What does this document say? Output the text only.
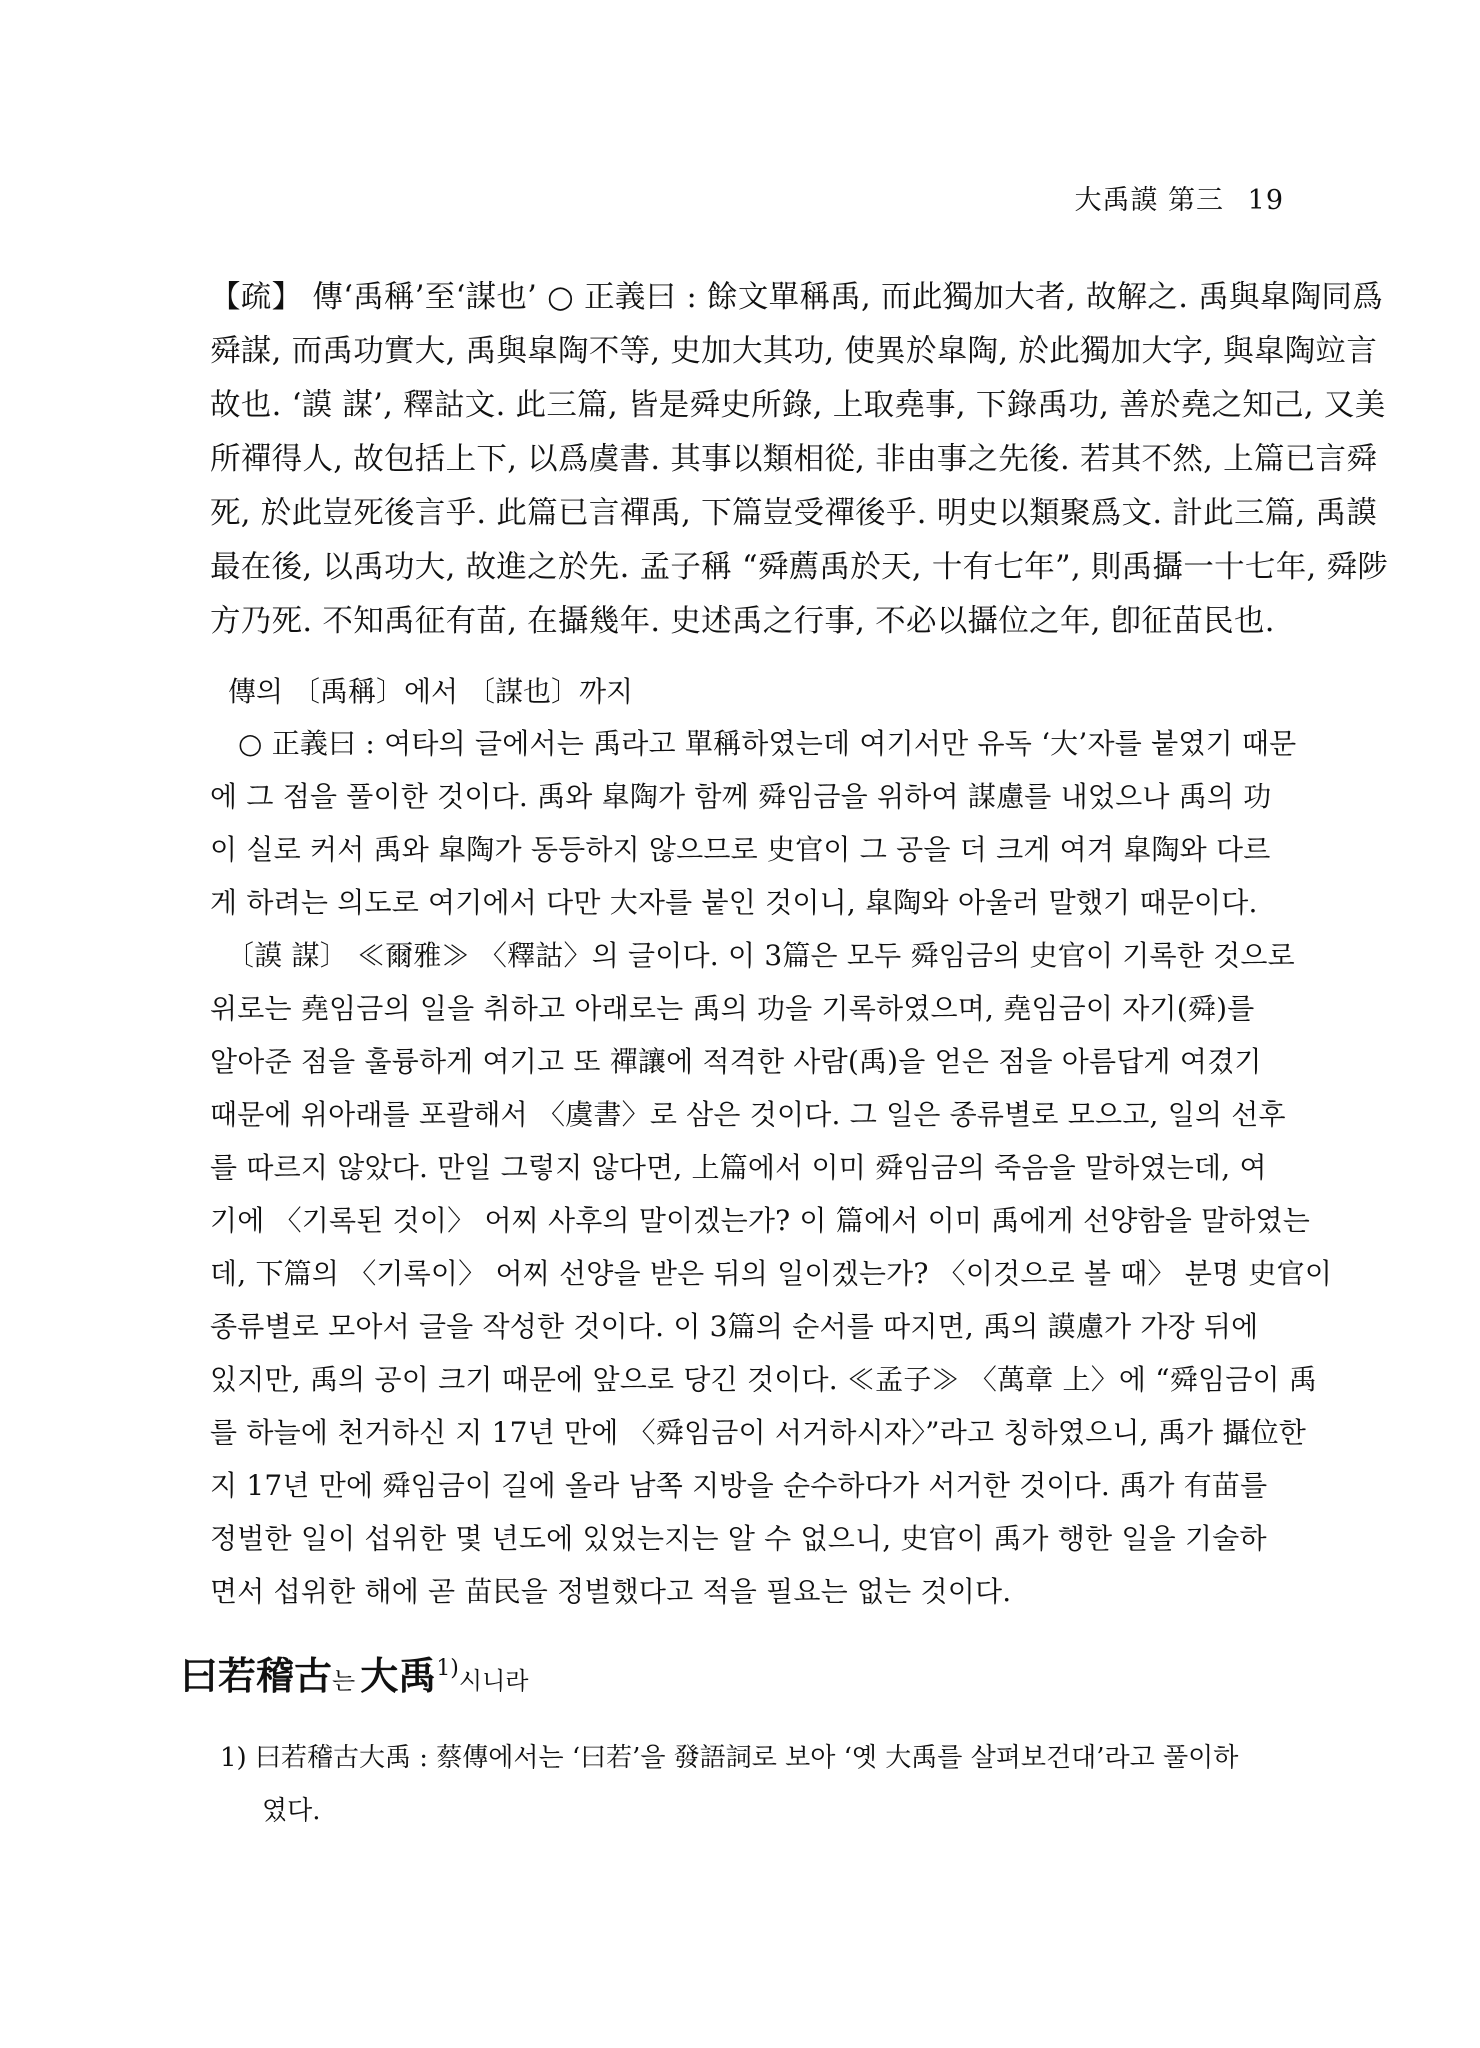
大禹謨 第三 19
【疏】 傳‘禹稱’至‘謀也’ ○ 正義曰 : 餘文單稱禹, 而此獨加大者, 故解之. 禹與皐陶同爲
舜謀, 而禹功實大, 禹與皐陶不等, 史加大其功, 使異於皐陶, 於此獨加大字, 與皐陶竝言
故也. ‘謨 謀’, 釋詁文. 此三篇, 皆是舜史所錄, 上取堯事, 下錄禹功, 善於堯之知己, 又美
所禪得人, 故包括上下, 以爲虞書. 其事以類相從, 非由事之先後. 若其不然, 上篇已言舜
死, 於此豈死後言乎. 此篇已言禪禹, 下篇豈受禪後乎. 明史以類聚爲文. 計此三篇, 禹謨
最在後, 以禹功大, 故進之於先. 孟子稱 “舜薦禹於天, 十有七年”, 則禹攝一十七年, 舜陟
方乃死. 不知禹征有苗, 在攝幾年. 史述禹之行事, 不必以攝位之年, 卽征苗民也.
傳의 〔禹稱〕에서 〔謀也〕까지
○ 正義曰 : 여타의 글에서는 禹라고 單稱하였는데 여기서만 유독 ‘大’자를 붙였기 때문
에 그 점을 풀이한 것이다. 禹와 皐陶가 함께 舜임금을 위하여 謀慮를 내었으나 禹의 功
이 실로 커서 禹와 皐陶가 동등하지 않으므로 史官이 그 공을 더 크게 여겨 皐陶와 다르
게 하려는 의도로 여기에서 다만 大자를 붙인 것이니, 皐陶와 아울러 말했기 때문이다.
〔謨 謀〕 ≪爾雅≫ 〈釋詁〉의 글이다. 이 3篇은 모두 舜임금의 史官이 기록한 것으로
위로는 堯임금의 일을 취하고 아래로는 禹의 功을 기록하였으며, 堯임금이 자기(舜)를
알아준 점을 훌륭하게 여기고 또 禪讓에 적격한 사람(禹)을 얻은 점을 아름답게 여겼기
때문에 위아래를 포괄해서 〈虞書〉로 삼은 것이다. 그 일은 종류별로 모으고, 일의 선후
를 따르지 않았다. 만일 그렇지 않다면, 上篇에서 이미 舜임금의 죽음을 말하였는데, 여
기에 〈기록된 것이〉 어찌 사후의 말이겠는가? 이 篇에서 이미 禹에게 선양함을 말하였는
데, 下篇의 〈기록이〉 어찌 선양을 받은 뒤의 일이겠는가? 〈이것으로 볼 때〉 분명 史官이
종류별로 모아서 글을 작성한 것이다. 이 3篇의 순서를 따지면, 禹의 謨慮가 가장 뒤에
있지만, 禹의 공이 크기 때문에 앞으로 당긴 것이다. ≪孟子≫ 〈萬章 上〉에 “舜임금이 禹
를 하늘에 천거하신 지 17년 만에 〈舜임금이 서거하시자〉”라고 칭하였으니, 禹가 攝位한
지 17년 만에 舜임금이 길에 올라 남쪽 지방을 순수하다가 서거한 것이다. 禹가 有苗를
정벌한 일이 섭위한 몇 년도에 있었는지는 알 수 없으니, 史官이 禹가 행한 일을 기술하
면서 섭위한 해에 곧 苗民을 정벌했다고 적을 필요는 없는 것이다.
曰若稽古는 大禹$^{1)}$시니라
1) 曰若稽古大禹 : 蔡傳에서는 ‘曰若’을 發語詞로 보아 ‘옛 大禹를 살펴보건대’라고 풀이하
였다.
